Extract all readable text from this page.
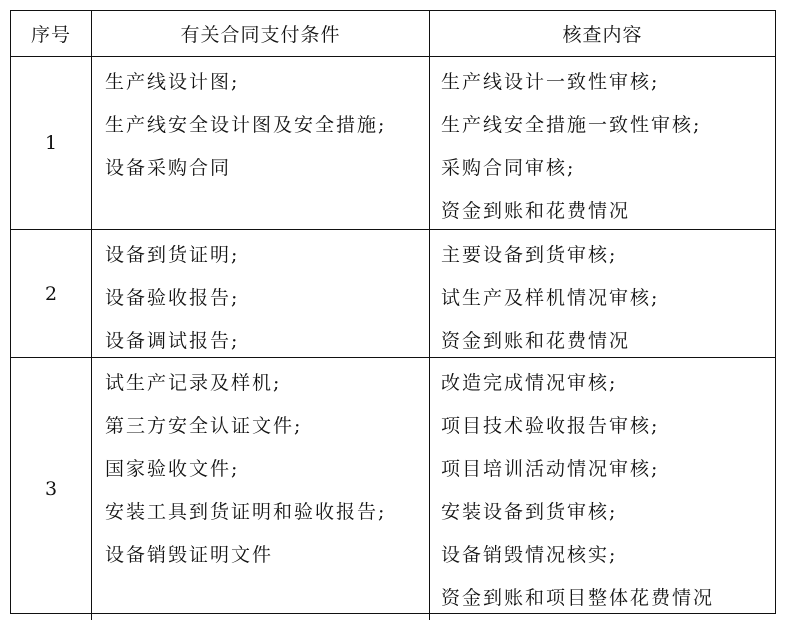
序号	有关合同支付条件	核查内容
1
生产线设计图;
生产线安全设计图及安全措施;
设备采购合同
生产线设计一致性审核;
生产线安全措施一致性审核;
采购合同审核;
资金到账和花费情况
2
设备到货证明;
设备验收报告;
设备调试报告;
主要设备到货审核;
试生产及样机情况审核;
资金到账和花费情况
3
试生产记录及样机;
第三方安全认证文件;
国家验收文件;
安装工具到货证明和验收报告;
设备销毁证明文件
改造完成情况审核;
项目技术验收报告审核;
项目培训活动情况审核;
安装设备到货审核;
设备销毁情况核实;
资金到账和项目整体花费情况
